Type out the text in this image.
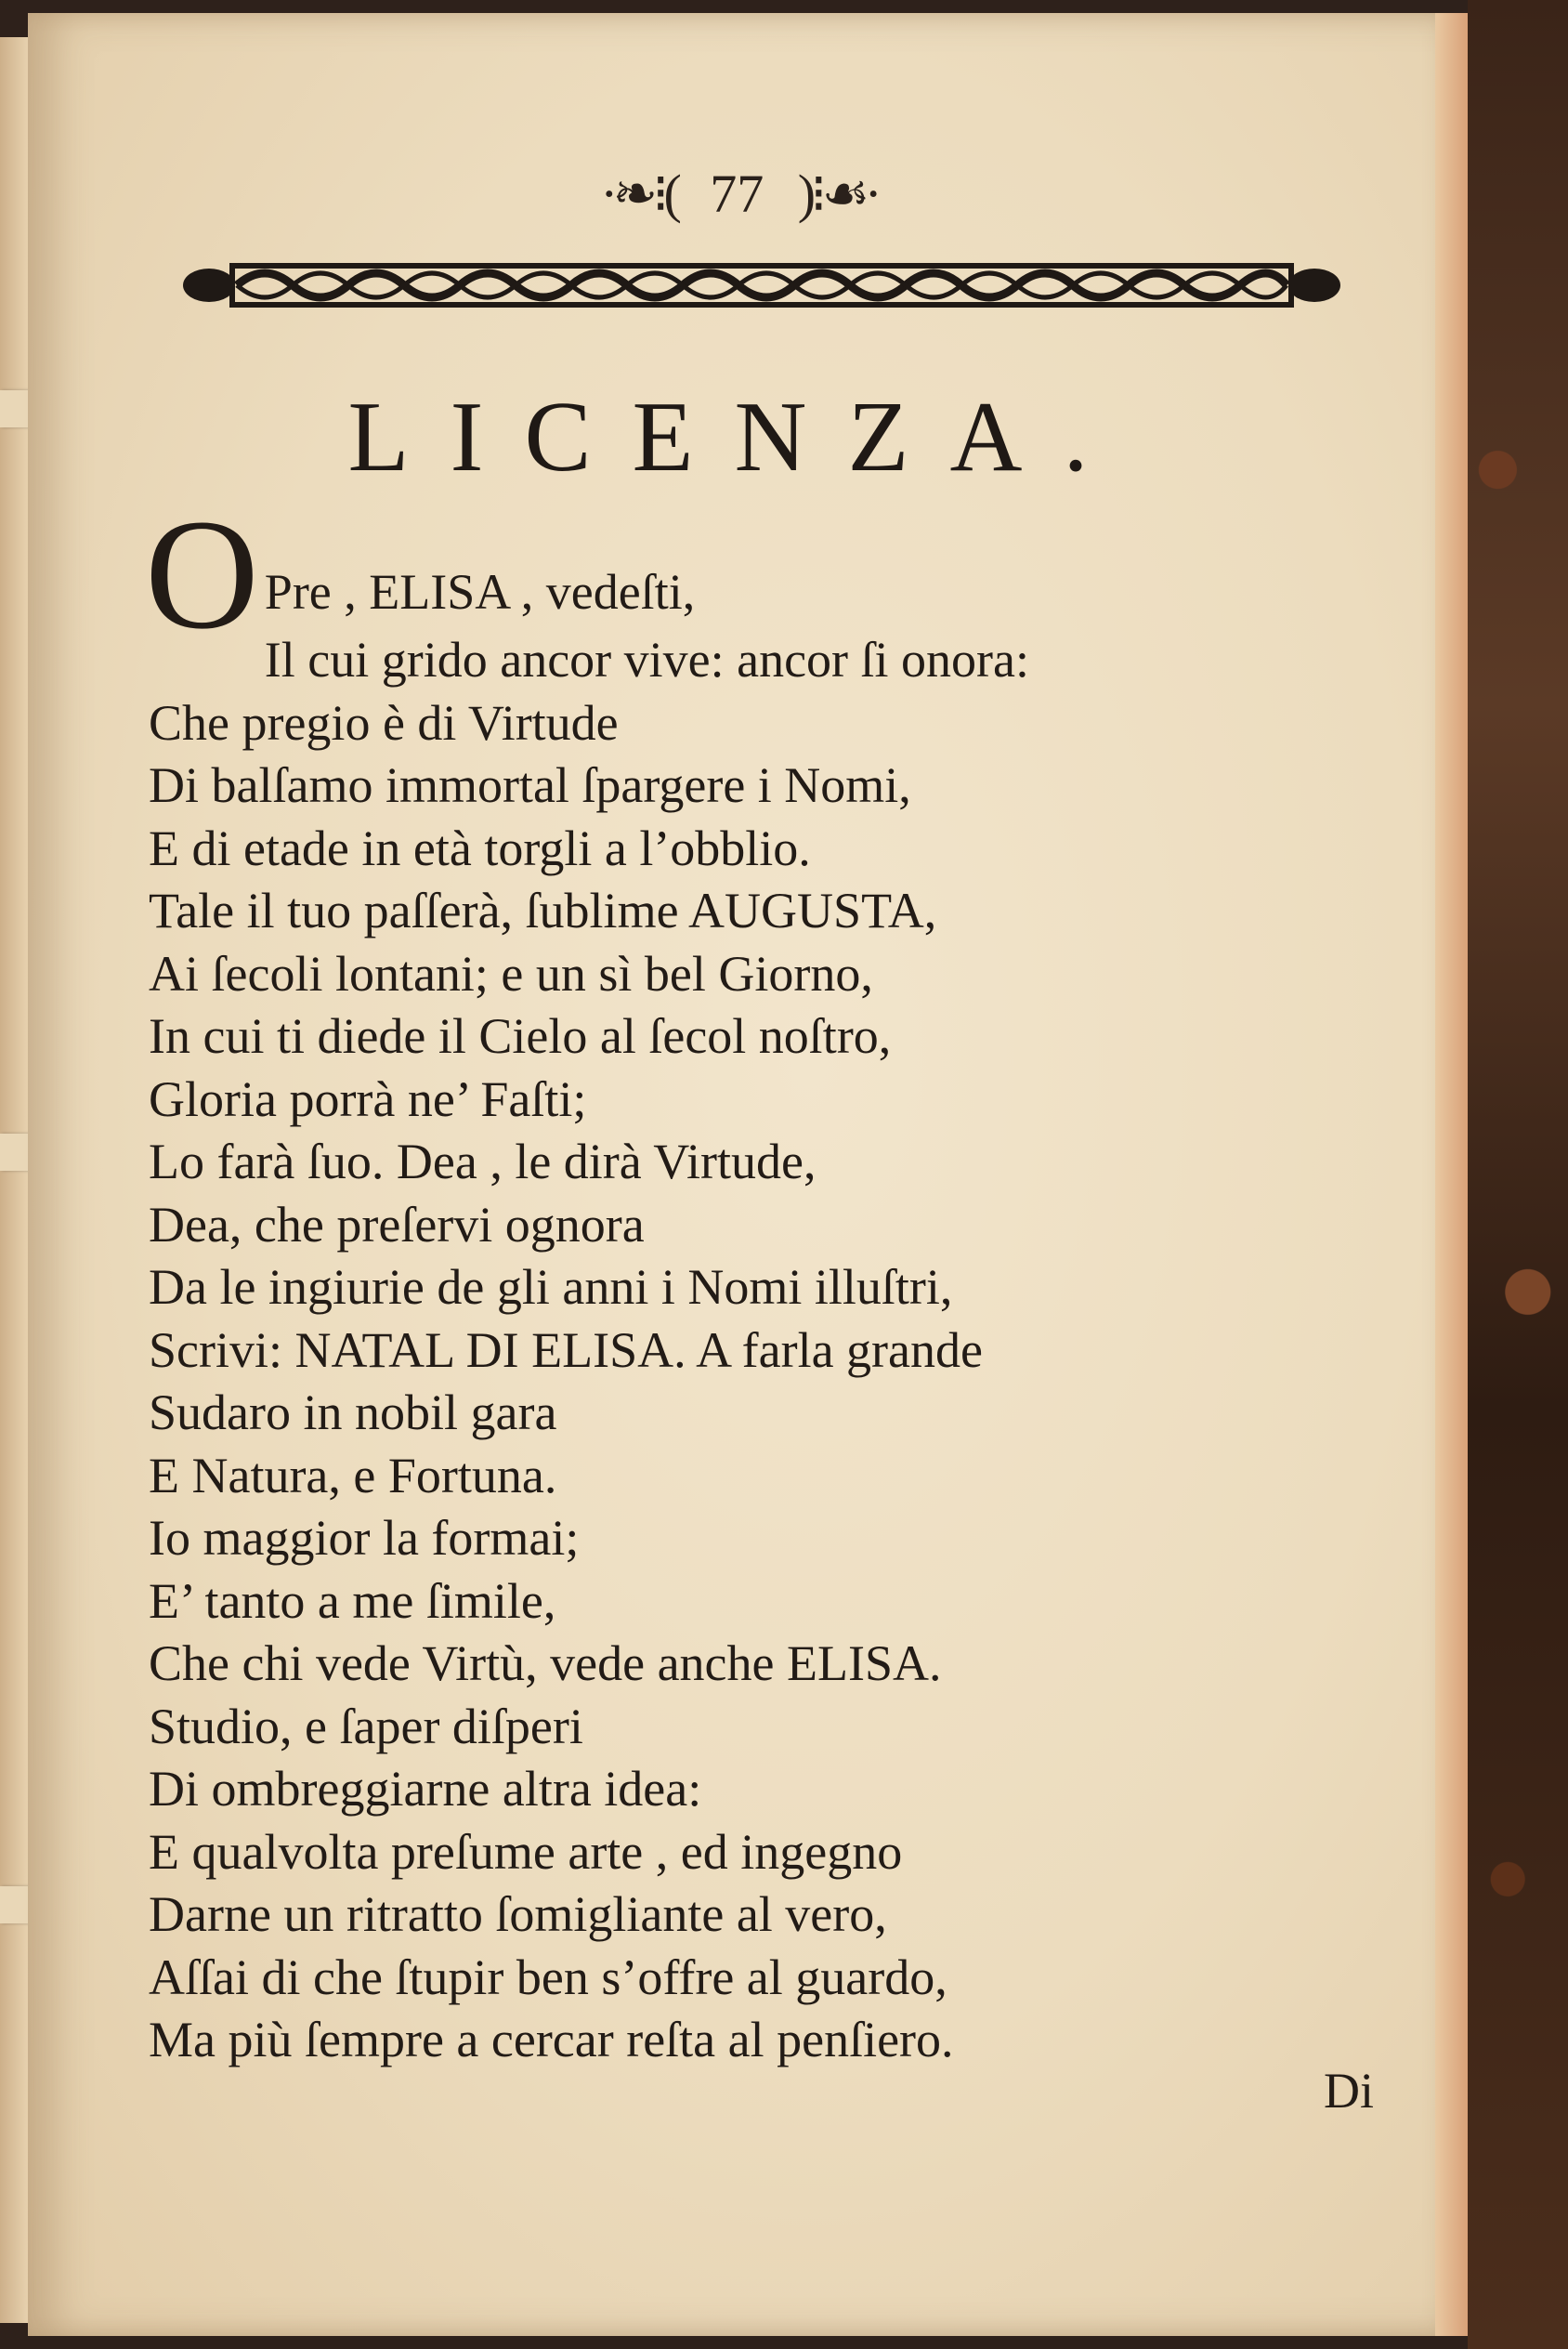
·❧⁝( 77 )⁝☙·
LICENZA.
O Pre , ELISA , vedeſti,
Il cui grido ancor vive: ancor ſi onora:
Che pregio è di Virtude
Di balſamo immortal ſpargere i Nomi,
E di etade in età torgli a l’obblio.
Tale il tuo paſſerà, ſublime AUGUSTA,
Ai ſecoli lontani; e un sì bel Giorno,
In cui ti diede il Cielo al ſecol noſtro,
Gloria porrà ne’ Faſti;
Lo farà ſuo. Dea , le dirà Virtude,
Dea, che preſervi ognora
Da le ingiurie de gli anni i Nomi illuſtri,
Scrivi: NATAL DI ELISA. A farla grande
Sudaro in nobil gara
E Natura, e Fortuna.
Io maggior la formai;
E’ tanto a me ſimile,
Che chi vede Virtù, vede anche ELISA.
Studio, e ſaper diſperi
Di ombreggiarne altra idea:
E qualvolta preſume arte , ed ingegno
Darne un ritratto ſomigliante al vero,
Aſſai di che ſtupir ben s’offre al guardo,
Ma più ſempre a cercar reſta al penſiero.
Di
